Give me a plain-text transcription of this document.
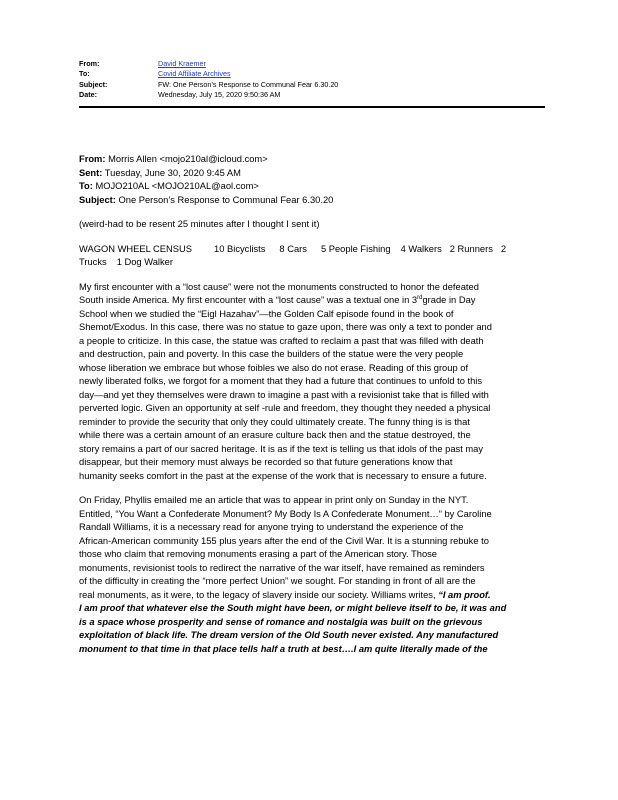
From:	David Kraemer
To:	Covid Affiliate Archives
Subject:	FW: One Person’s Response to Communal Fear 6.30.20
Date:	Wednesday, July 15, 2020 9:50:36 AM
From: Morris Allen <mojo210al@icloud.com>
Sent: Tuesday, June 30, 2020 9:45 AM
To: MOJO210AL <MOJO210AL@aol.com>
Subject: One Person’s Response to Communal Fear 6.30.20
(weird-had to be resent 25 minutes after I thought I sent it)
WAGON WHEEL CENSUS 10 Bicyclists 8 Cars 5 People Fishing 4 Walkers 2 Runners 2
Trucks 1 Dog Walker

My first encounter with a “lost cause” were not the monuments constructed to honor the defeated
South inside America. My first encounter with a “lost cause” was a textual one in 3rdgrade in Day
School when we studied the “Eigl Hazahav”—the Golden Calf episode found in the book of
Shemot/Exodus. In this case, there was no statue to gaze upon, there was only a text to ponder and
a people to criticize. In this case, the statue was crafted to reclaim a past that was filled with death
and destruction, pain and poverty. In this case the builders of the statue were the very people
whose liberation we embrace but whose foibles we also do not erase. Reading of this group of
newly liberated folks, we forgot for a moment that they had a future that continues to unfold to this
day—and yet they themselves were drawn to imagine a past with a revisionist take that is filled with
perverted logic. Given an opportunity at self -rule and freedom, they thought they needed a physical
reminder to provide the security that only they could ultimately create. The funny thing is is that
while there was a certain amount of an erasure culture back then and the statue destroyed, the
story remains a part of our sacred heritage. It is as if the text is telling us that idols of the past may
disappear, but their memory must always be recorded so that future generations know that
humanity seeks comfort in the past at the expense of the work that is necessary to ensure a future.

On Friday, Phyllis emailed me an article that was to appear in print only on Sunday in the NYT.
Entitled, “You Want a Confederate Monument? My Body Is A Confederate Monument…” by Caroline
Randall Williams, it is a necessary read for anyone trying to understand the experience of the
African-American community 155 plus years after the end of the Civil War. It is a stunning rebuke to
those who claim that removing monuments erasing a part of the American story. Those
monuments, revisionist tools to redirect the narrative of the war itself, have remained as reminders
of the difficulty in creating the “more perfect Union” we sought. For standing in front of all are the
real monuments, as it were, to the legacy of slavery inside our society. Williams writes, “I am proof.
I am proof that whatever else the South might have been, or might believe itself to be, it was and
is a space whose prosperity and sense of romance and nostalgia was built on the grievous
exploitation of black life. The dream version of the Old South never existed. Any manufactured
monument to that time in that place tells half a truth at best….I am quite literally made of the
